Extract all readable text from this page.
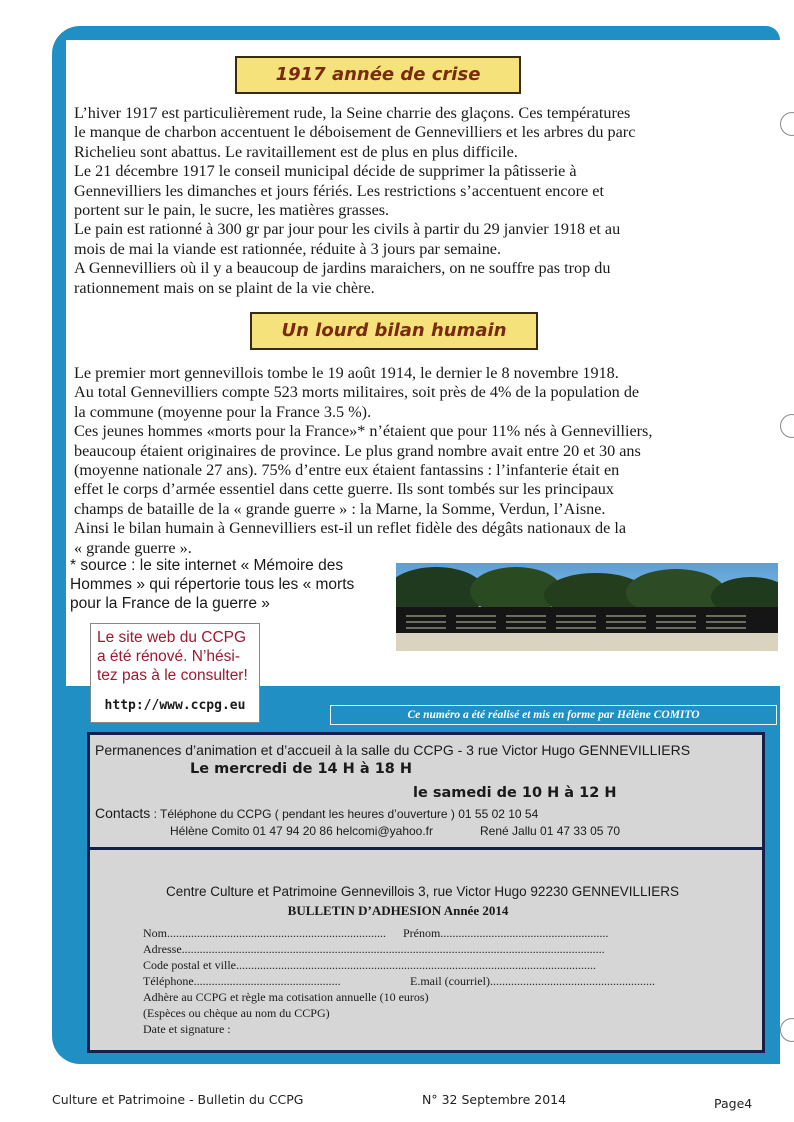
1917 année de crise
L’hiver 1917 est particulièrement rude, la Seine charrie des glaçons. Ces températures
le manque de charbon accentuent le déboisement de Gennevilliers et les arbres du parc
Richelieu sont abattus. Le ravitaillement est de plus en plus difficile.
Le 21 décembre 1917 le conseil municipal décide de supprimer la pâtisserie à
Gennevilliers les dimanches et jours fériés. Les restrictions s’accentuent encore et
portent sur le pain, le sucre, les matières grasses.
Le pain est rationné à 300 gr par jour pour les civils à partir du 29 janvier 1918 et au
mois de mai la viande est rationnée, réduite à 3 jours par semaine.
A Gennevilliers où il y a beaucoup de jardins maraichers, on ne souffre pas trop du
rationnement mais on se plaint de la vie chère.
Un lourd bilan humain
Le premier mort gennevillois tombe le 19 août 1914, le dernier le 8 novembre 1918.
Au total Gennevilliers compte 523 morts militaires, soit près de 4% de la population de
la commune (moyenne pour la France 3.5 %).
Ces jeunes hommes «morts pour la France»* n’étaient que pour 11% nés à Gennevilliers,
beaucoup étaient originaires de province. Le plus grand nombre avait entre 20 et 30 ans
(moyenne nationale 27 ans). 75% d’entre eux étaient fantassins : l’infanterie était en
effet le corps d’armée essentiel dans cette guerre. Ils sont tombés sur les principaux
champs de bataille de la « grande guerre » : la Marne, la Somme, Verdun, l’Aisne.
Ainsi le bilan humain à Gennevilliers est-il un reflet fidèle des dégâts nationaux de la
« grande guerre ».
* source : le site internet « Mémoire des
Hommes » qui répertorie tous les « morts
pour la France de la guerre »
Le site web du CCPG
a été rénové. N’hési-
tez pas à le consulter!
http://www.ccpg.eu
Ce numéro a été réalisé et mis en forme par Hélène COMITO
Permanences d’animation et d’accueil à la salle du CCPG - 3 rue Victor Hugo GENNEVILLIERS
Le mercredi de 14 H à 18 H
le samedi de 10 H à 12 H
Contacts : Téléphone du CCPG ( pendant les heures d’ouverture ) 01 55 02 10 54
Hélène Comito 01 47 94 20 86 helcomi@yahoo.fr	René Jallu 01 47 33 05 70
Centre Culture et Patrimoine Gennevillois 3, rue Victor Hugo 92230 GENNEVILLIERS
BULLETIN D’ADHESION Année 2014
Nom......................................................................... Prénom........................................................
Adresse.............................................................................................................................................
Code postal et ville........................................................................................................................
Téléphone.................................................	E.mail (courriel).......................................................
Adhère au CCPG et règle ma cotisation annuelle (10 euros)
(Espèces ou chèque au nom du CCPG)
Date et signature :
Culture et Patrimoine - Bulletin du CCPG	N° 32 Septembre 2014	Page4
